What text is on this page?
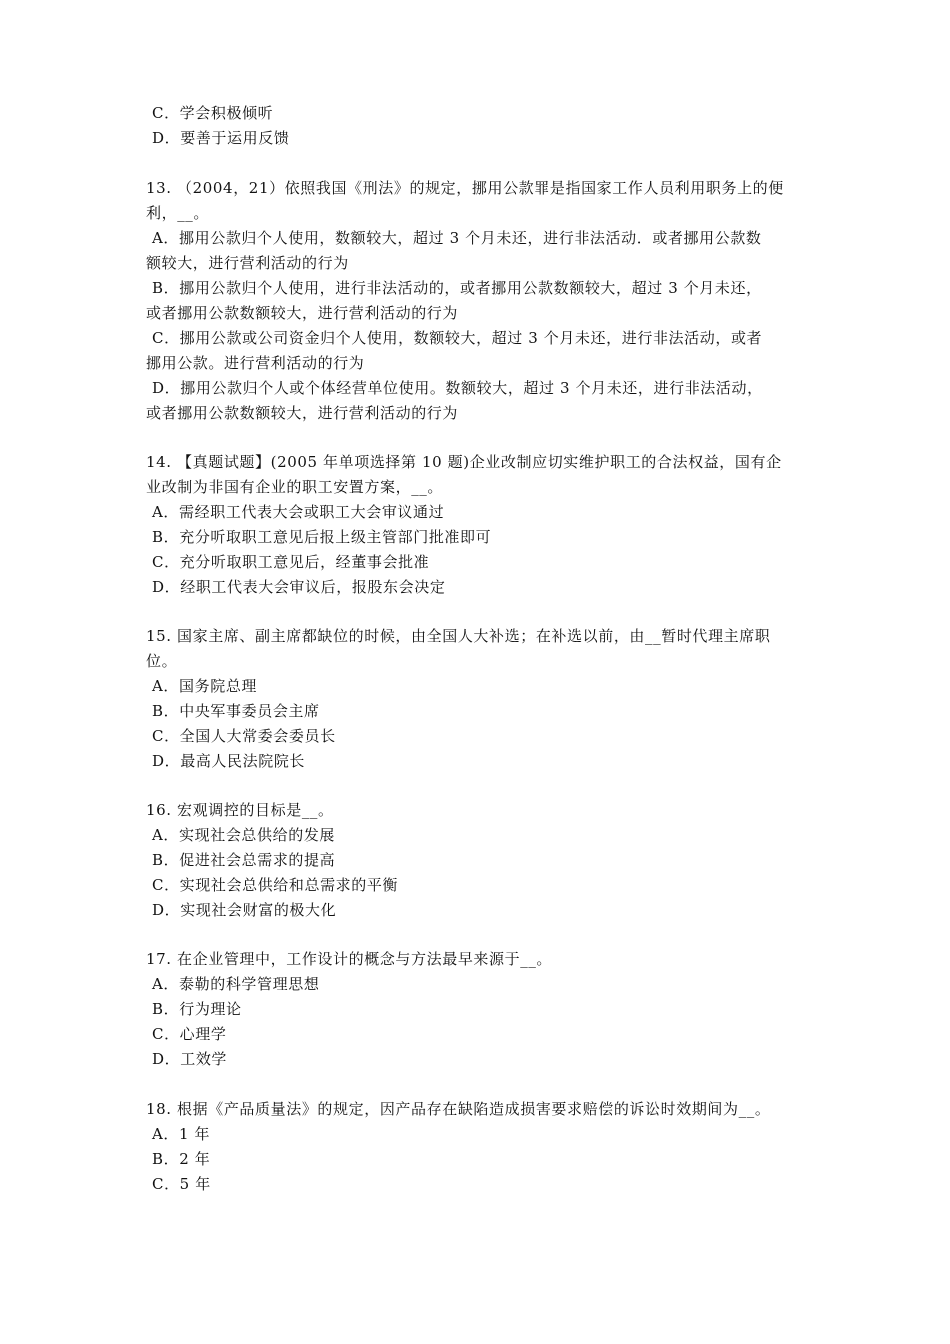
C．学会积极倾听
D．要善于运用反馈
13. （2004，21）依照我国《刑法》的规定，挪用公款罪是指国家工作人员利用职务上的便
利，__。
A．挪用公款归个人使用，数额较大，超过 3 个月未还，进行非法活动．或者挪用公款数
额较大，进行营利活动的行为
B．挪用公款归个人使用，进行非法活动的，或者挪用公款数额较大，超过 3 个月未还，
或者挪用公款数额较大，进行营利活动的行为
C．挪用公款或公司资金归个人使用，数额较大，超过 3 个月未还，进行非法活动，或者
挪用公款。进行营利活动的行为
D．挪用公款归个人或个体经营单位使用。数额较大，超过 3 个月未还，进行非法活动，
或者挪用公款数额较大，进行营利活动的行为
14. 【真题试题】(2005 年单项选择第 10 题)企业改制应切实维护职工的合法权益，国有企
业改制为非国有企业的职工安置方案，__。
A．需经职工代表大会或职工大会审议通过
B．充分听取职工意见后报上级主管部门批准即可
C．充分听取职工意见后，经董事会批准
D．经职工代表大会审议后，报股东会决定
15. 国家主席、副主席都缺位的时候，由全国人大补选；在补选以前，由__暂时代理主席职
位。
A．国务院总理
B．中央军事委员会主席
C．全国人大常委会委员长
D．最高人民法院院长
16. 宏观调控的目标是__。
A．实现社会总供给的发展
B．促进社会总需求的提高
C．实现社会总供给和总需求的平衡
D．实现社会财富的极大化
17. 在企业管理中，工作设计的概念与方法最早来源于__。
A．泰勒的科学管理思想
B．行为理论
C．心理学
D．工效学
18. 根据《产品质量法》的规定，因产品存在缺陷造成损害要求赔偿的诉讼时效期间为__。
A．1 年
B．2 年
C．5 年
